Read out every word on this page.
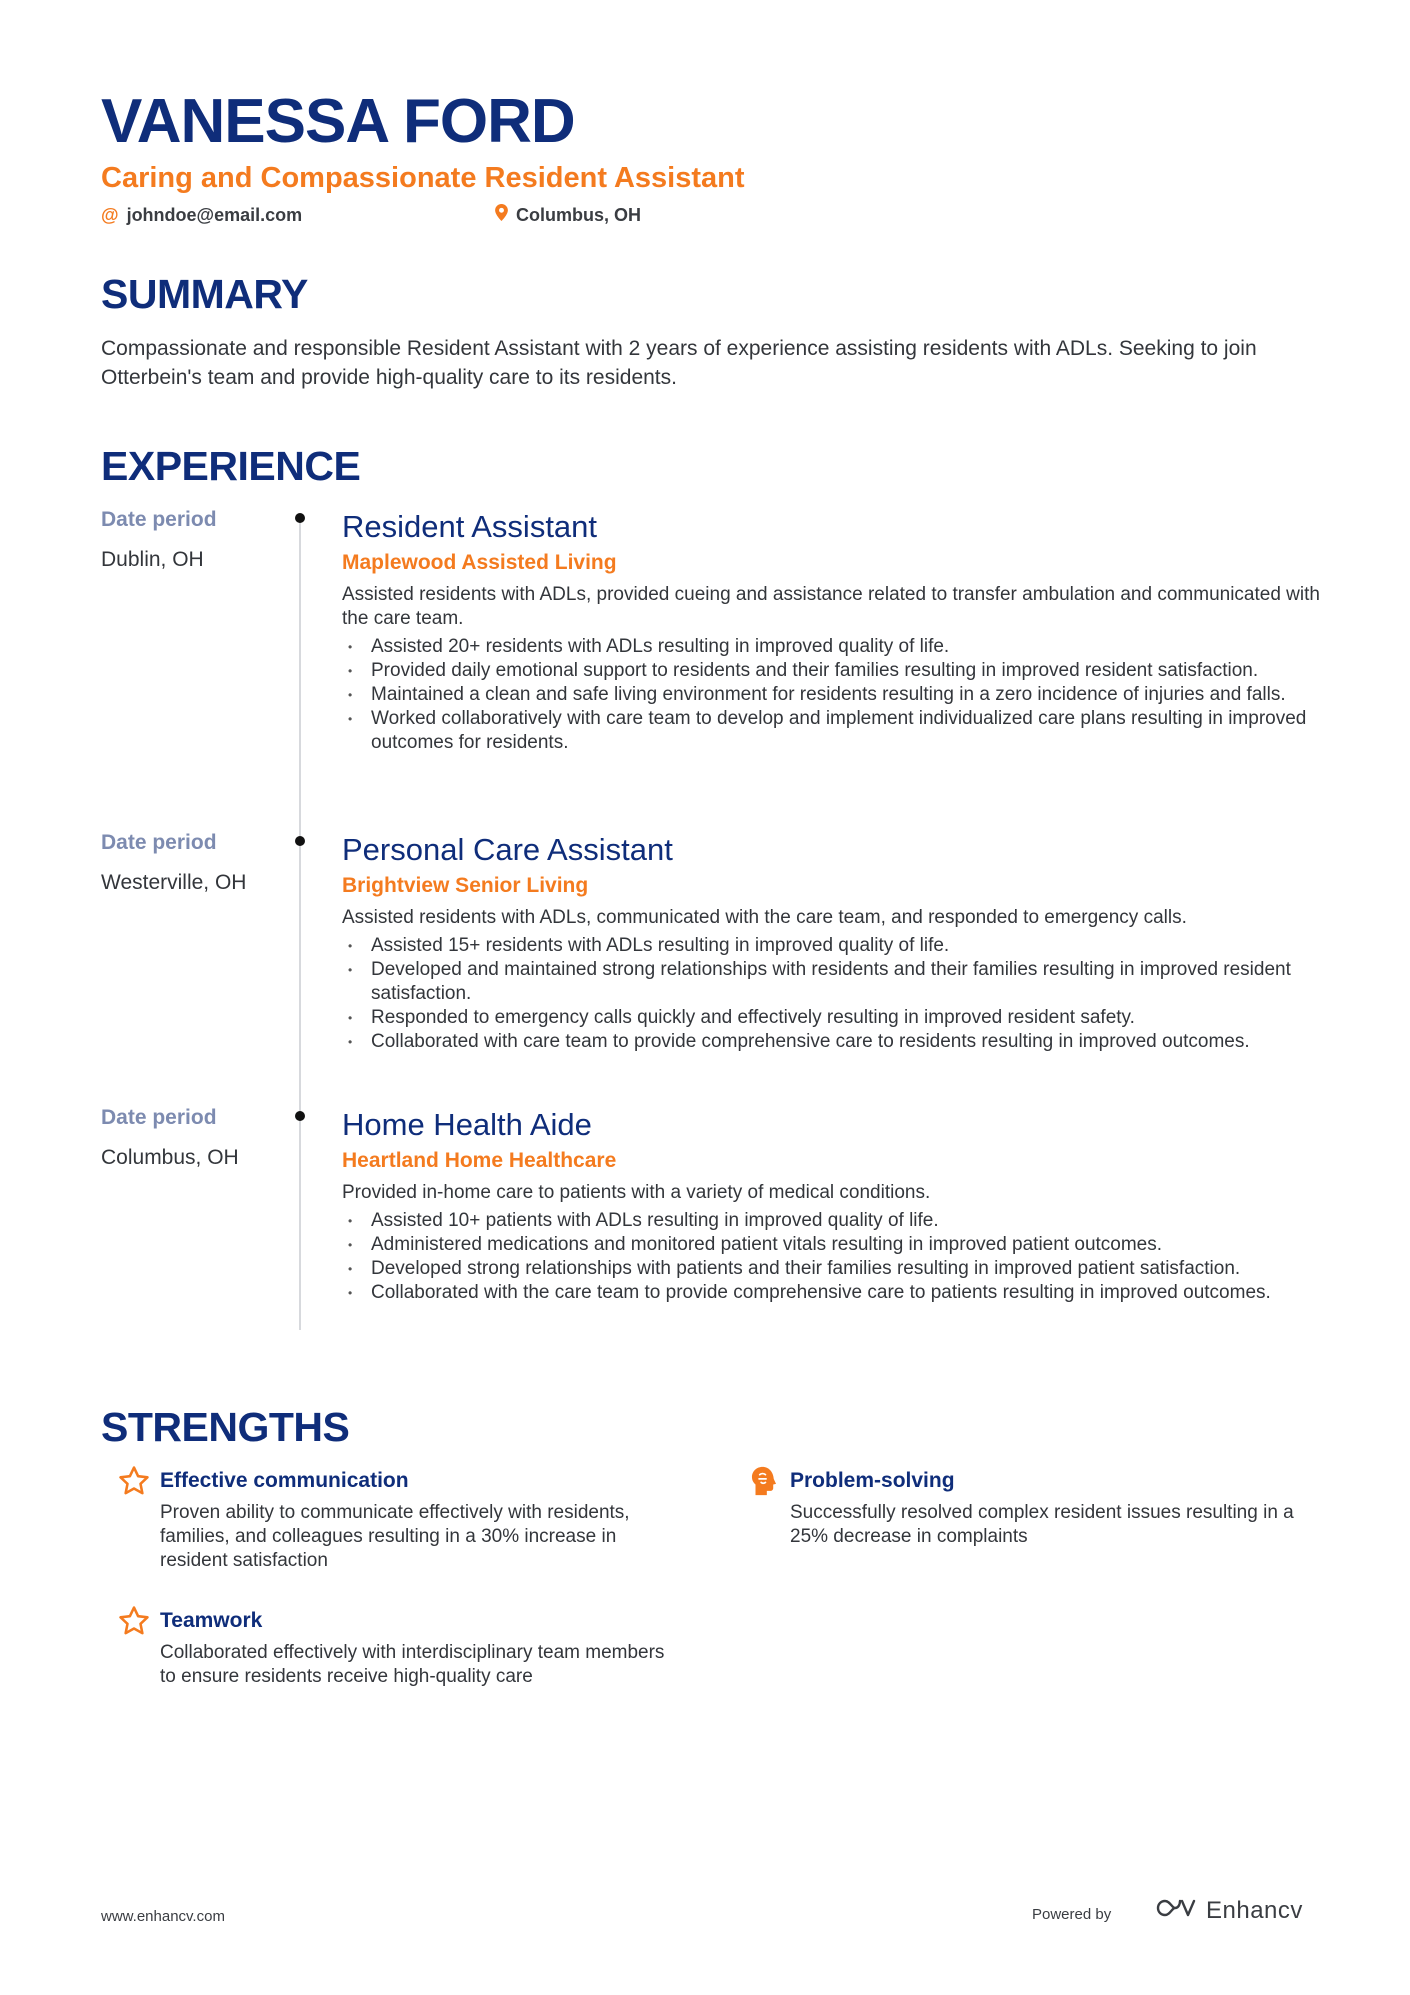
VANESSA FORD
Caring and Compassionate Resident Assistant
@ johndoe@email.com	Columbus, OH
SUMMARY
Compassionate and responsible Resident Assistant with 2 years of experience assisting residents with ADLs. Seeking to join Otterbein's team and provide high-quality care to its residents.
EXPERIENCE
Date period
Dublin, OH
Resident Assistant
Maplewood Assisted Living
Assisted residents with ADLs, provided cueing and assistance related to transfer ambulation and communicated with the care team.
• Assisted 20+ residents with ADLs resulting in improved quality of life.
• Provided daily emotional support to residents and their families resulting in improved resident satisfaction.
• Maintained a clean and safe living environment for residents resulting in a zero incidence of injuries and falls.
• Worked collaboratively with care team to develop and implement individualized care plans resulting in improved outcomes for residents.
Date period
Westerville, OH
Personal Care Assistant
Brightview Senior Living
Assisted residents with ADLs, communicated with the care team, and responded to emergency calls.
• Assisted 15+ residents with ADLs resulting in improved quality of life.
• Developed and maintained strong relationships with residents and their families resulting in improved resident satisfaction.
• Responded to emergency calls quickly and effectively resulting in improved resident safety.
• Collaborated with care team to provide comprehensive care to residents resulting in improved outcomes.
Date period
Columbus, OH
Home Health Aide
Heartland Home Healthcare
Provided in-home care to patients with a variety of medical conditions.
• Assisted 10+ patients with ADLs resulting in improved quality of life.
• Administered medications and monitored patient vitals resulting in improved patient outcomes.
• Developed strong relationships with patients and their families resulting in improved patient satisfaction.
• Collaborated with the care team to provide comprehensive care to patients resulting in improved outcomes.
STRENGTHS
Effective communication
Proven ability to communicate effectively with residents, families, and colleagues resulting in a 30% increase in resident satisfaction
Problem-solving
Successfully resolved complex resident issues resulting in a 25% decrease in complaints
Teamwork
Collaborated effectively with interdisciplinary team members to ensure residents receive high-quality care
www.enhancv.com	Powered by	Enhancv
